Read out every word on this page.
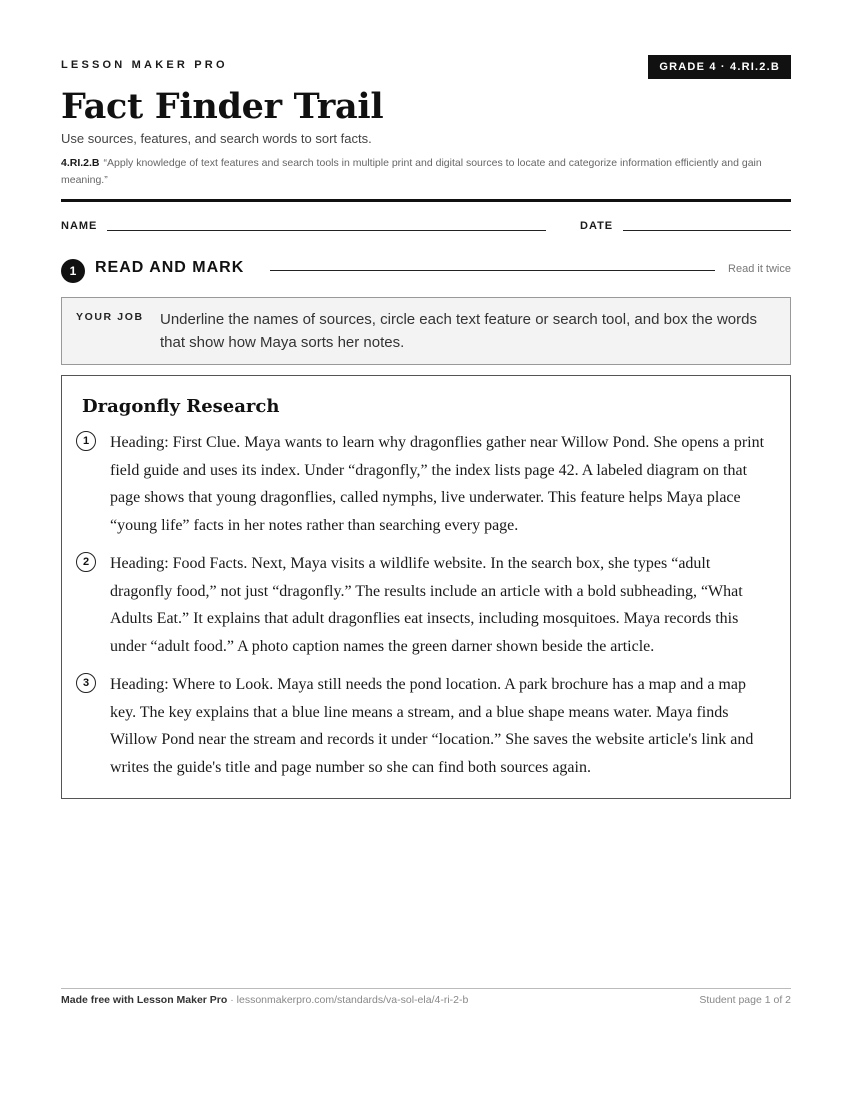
LESSON MAKER PRO	GRADE 4 · 4.RI.2.B
Fact Finder Trail
Use sources, features, and search words to sort facts.
4.RI.2.B “Apply knowledge of text features and search tools in multiple print and digital sources to locate and categorize information efficiently and gain meaning.”
NAME	DATE
1	READ AND MARK	Read it twice
YOUR JOB Underline the names of sources, circle each text feature or search tool, and box the words that show how Maya sorts her notes.
Dragonfly Research
1	Heading: First Clue. Maya wants to learn why dragonflies gather near Willow Pond. She opens a print field guide and uses its index. Under “dragonfly,” the index lists page 42. A labeled diagram on that page shows that young dragonflies, called nymphs, live underwater. This feature helps Maya place “young life” facts in her notes rather than searching every page.
2	Heading: Food Facts. Next, Maya visits a wildlife website. In the search box, she types “adult dragonfly food,” not just “dragonfly.” The results include an article with a bold subheading, “What Adults Eat.” It explains that adult dragonflies eat insects, including mosquitoes. Maya records this under “adult food.” A photo caption names the green darner shown beside the article.
3	Heading: Where to Look. Maya still needs the pond location. A park brochure has a map and a map key. The key explains that a blue line means a stream, and a blue shape means water. Maya finds Willow Pond near the stream and records it under “location.” She saves the website article's link and writes the guide's title and page number so she can find both sources again.
Made free with Lesson Maker Pro · lessonmakerpro.com/standards/va-sol-ela/4-ri-2-b	Student page 1 of 2
